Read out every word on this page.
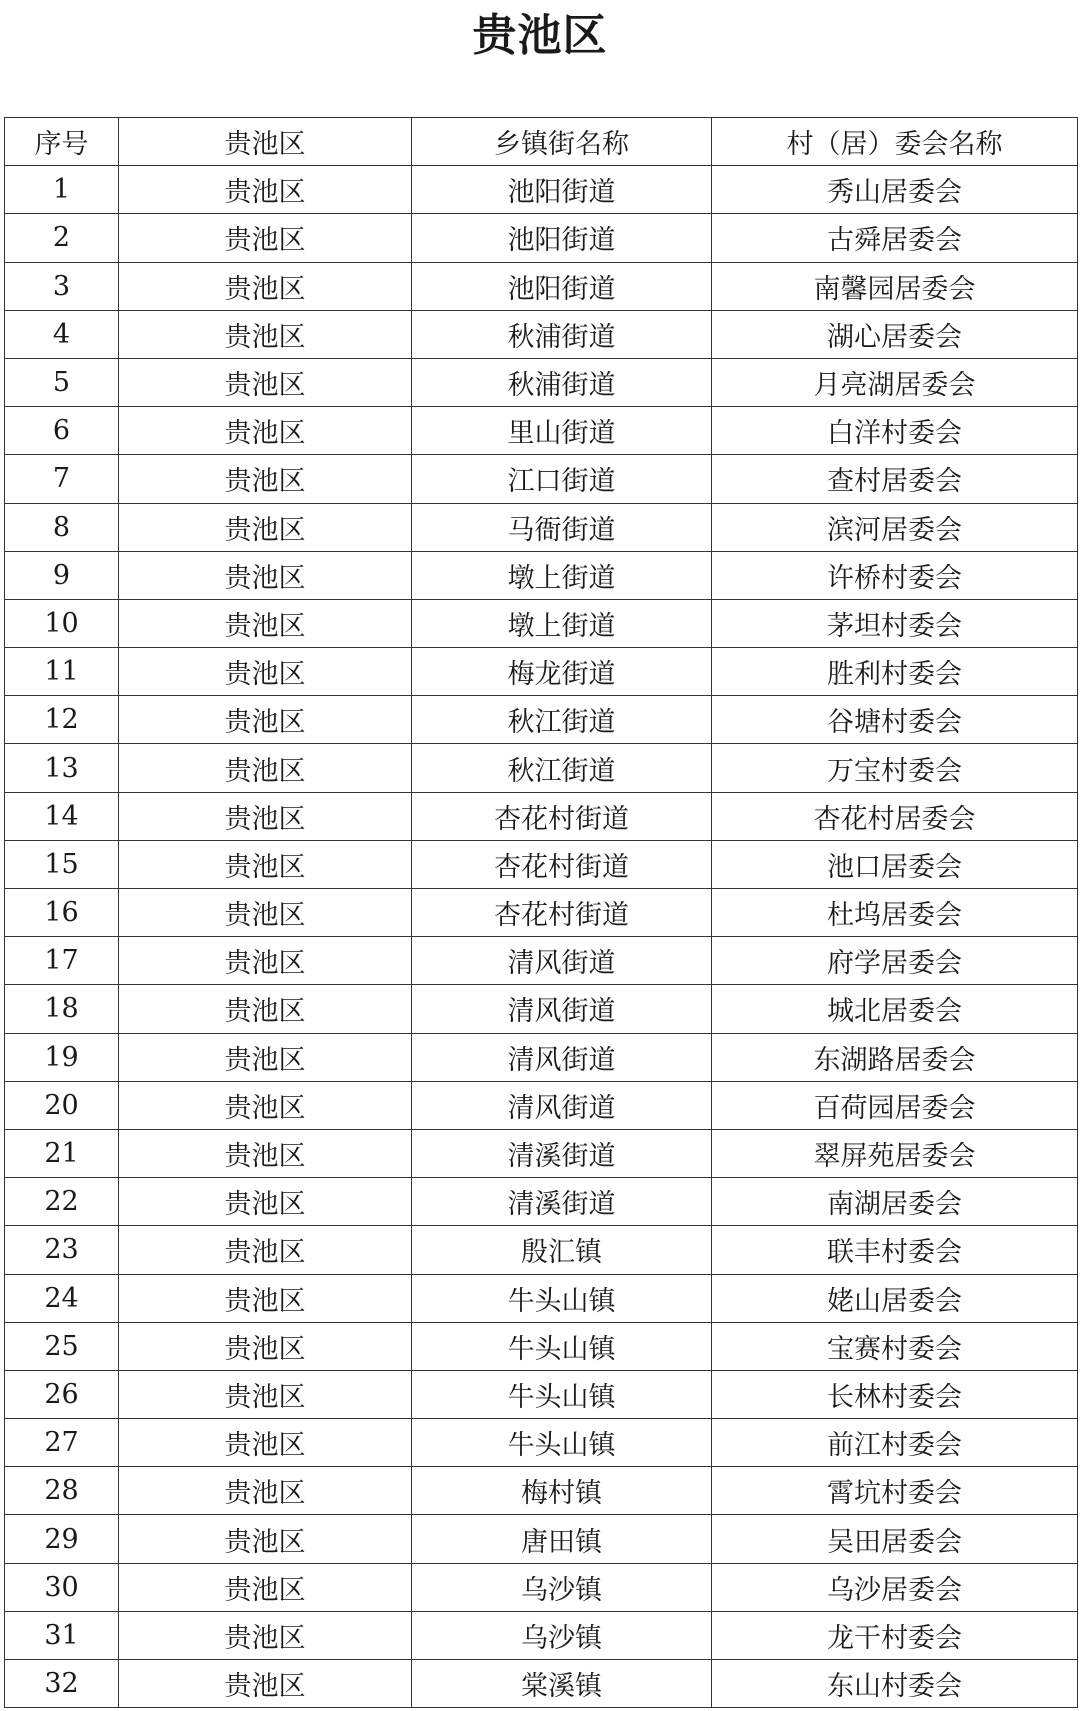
贵池区
序号	贵池区	乡镇街名称	村（居）委会名称
1	贵池区	池阳街道	秀山居委会
2	贵池区	池阳街道	古舜居委会
3	贵池区	池阳街道	南馨园居委会
4	贵池区	秋浦街道	湖心居委会
5	贵池区	秋浦街道	月亮湖居委会
6	贵池区	里山街道	白洋村委会
7	贵池区	江口街道	查村居委会
8	贵池区	马衙街道	滨河居委会
9	贵池区	墩上街道	许桥村委会
10	贵池区	墩上街道	茅坦村委会
11	贵池区	梅龙街道	胜利村委会
12	贵池区	秋江街道	谷塘村委会
13	贵池区	秋江街道	万宝村委会
14	贵池区	杏花村街道	杏花村居委会
15	贵池区	杏花村街道	池口居委会
16	贵池区	杏花村街道	杜坞居委会
17	贵池区	清风街道	府学居委会
18	贵池区	清风街道	城北居委会
19	贵池区	清风街道	东湖路居委会
20	贵池区	清风街道	百荷园居委会
21	贵池区	清溪街道	翠屏苑居委会
22	贵池区	清溪街道	南湖居委会
23	贵池区	殷汇镇	联丰村委会
24	贵池区	牛头山镇	姥山居委会
25	贵池区	牛头山镇	宝赛村委会
26	贵池区	牛头山镇	长林村委会
27	贵池区	牛头山镇	前江村委会
28	贵池区	梅村镇	霄坑村委会
29	贵池区	唐田镇	吴田居委会
30	贵池区	乌沙镇	乌沙居委会
31	贵池区	乌沙镇	龙干村委会
32	贵池区	棠溪镇	东山村委会
